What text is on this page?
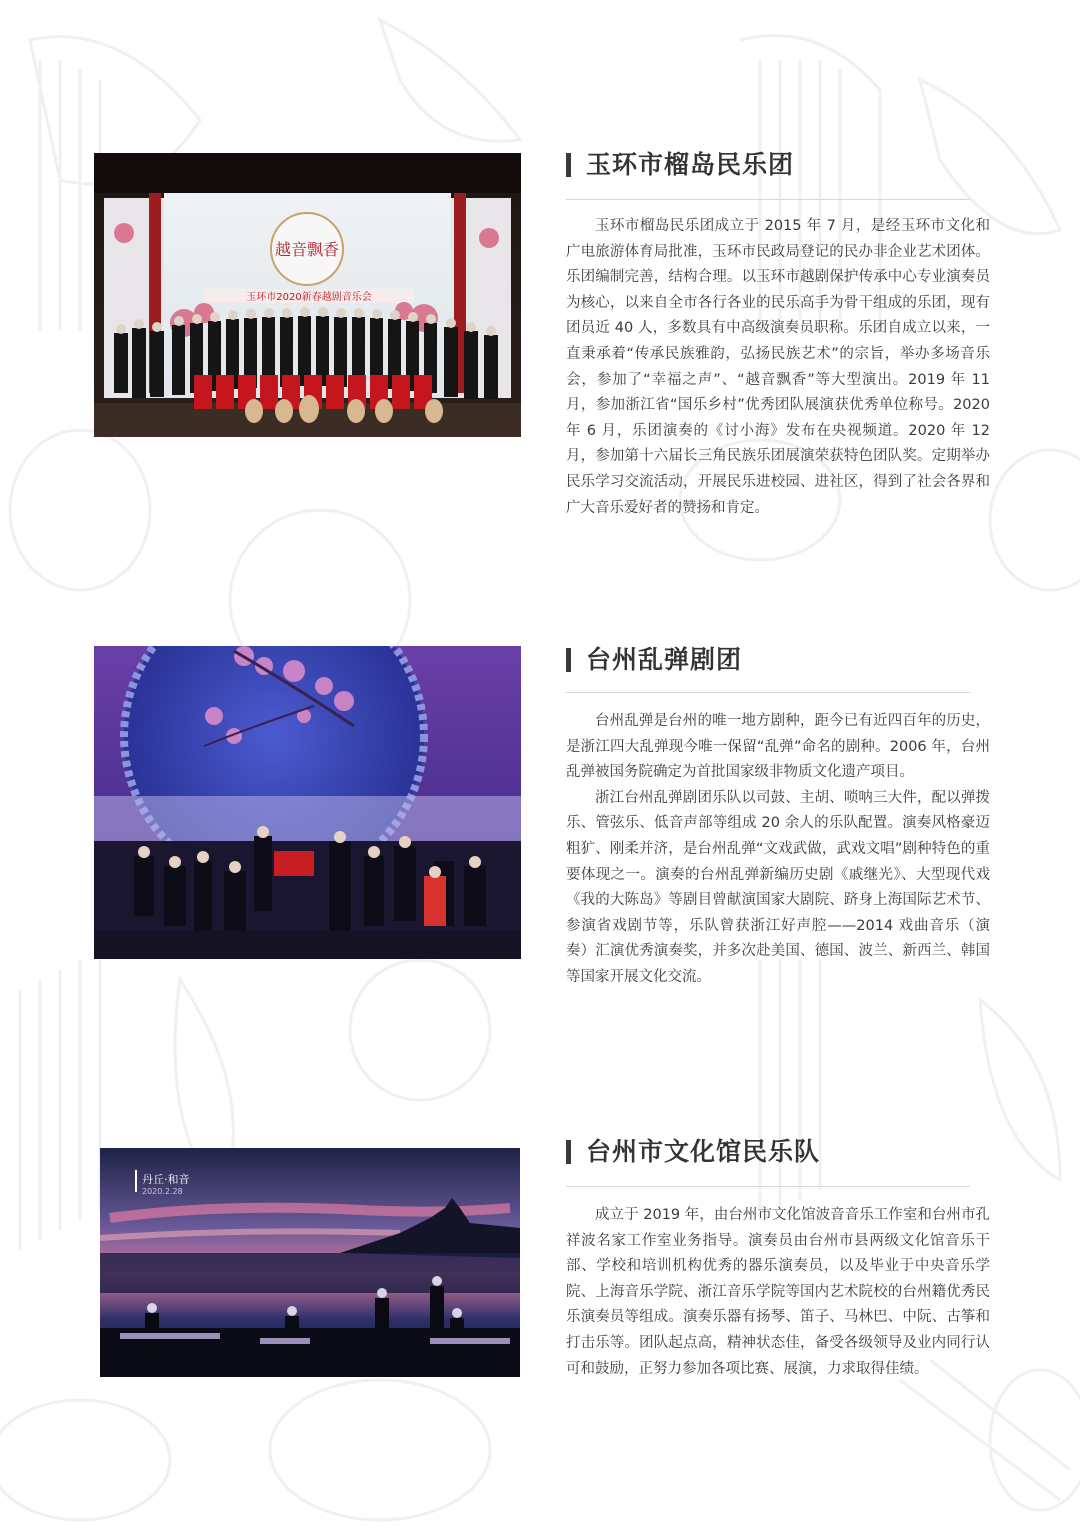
越音飘香
玉环市2020新春越剧音乐会
玉环市榴岛民乐团

玉环市榴岛民乐团成立于 2015 年 7 月，是经玉环市文化和广电旅游体育局批准，玉环市民政局登记的民办非企业艺术团体。乐团编制完善，结构合理。以玉环市越剧保护传承中心专业演奏员为核心，以来自全市各行各业的民乐高手为骨干组成的乐团，现有团员近 40 人，多数具有中高级演奏员职称。乐团自成立以来，一直秉承着“传承民族雅韵，弘扬民族艺术”的宗旨，举办多场音乐会，参加了“幸福之声”、“越音飘香”等大型演出。2019 年 11 月，参加浙江省“国乐乡村”优秀团队展演获优秀单位称号。2020 年 6 月，乐团演奏的《讨小海》发布在央视频道。2020 年 12 月，参加第十六届长三角民族乐团展演荣获特色团队奖。定期举办民乐学习交流活动，开展民乐进校园、进社区，得到了社会各界和广大音乐爱好者的赞扬和肯定。

台州乱弹剧团

台州乱弹是台州的唯一地方剧种，距今已有近四百年的历史，是浙江四大乱弹现今唯一保留“乱弹”命名的剧种。2006 年，台州乱弹被国务院确定为首批国家级非物质文化遗产项目。

浙江台州乱弹剧团乐队以司鼓、主胡、唢呐三大件，配以弹拨乐、管弦乐、低音声部等组成 20 余人的乐队配置。演奏风格豪迈粗犷、刚柔并济，是台州乱弹“文戏武做，武戏文唱”剧种特色的重要体现之一。演奏的台州乱弹新编历史剧《戚继光》、大型现代戏《我的大陈岛》等剧目曾献演国家大剧院、跻身上海国际艺术节、参演省戏剧节等，乐队曾获浙江好声腔——2014 戏曲音乐（演奏）汇演优秀演奏奖，并多次赴美国、德国、波兰、新西兰、韩国等国家开展文化交流。

丹丘·和音
2020.2.28
台州市文化馆民乐队

成立于 2019 年，由台州市文化馆波音音乐工作室和台州市孔祥波名家工作室业务指导。演奏员由台州市县两级文化馆音乐干部、学校和培训机构优秀的器乐演奏员，以及毕业于中央音乐学院、上海音乐学院、浙江音乐学院等国内艺术院校的台州籍优秀民乐演奏员等组成。演奏乐器有扬琴、笛子、马林巴、中阮、古筝和打击乐等。团队起点高，精神状态佳，备受各级领导及业内同行认可和鼓励，正努力参加各项比赛、展演，力求取得佳绩。
